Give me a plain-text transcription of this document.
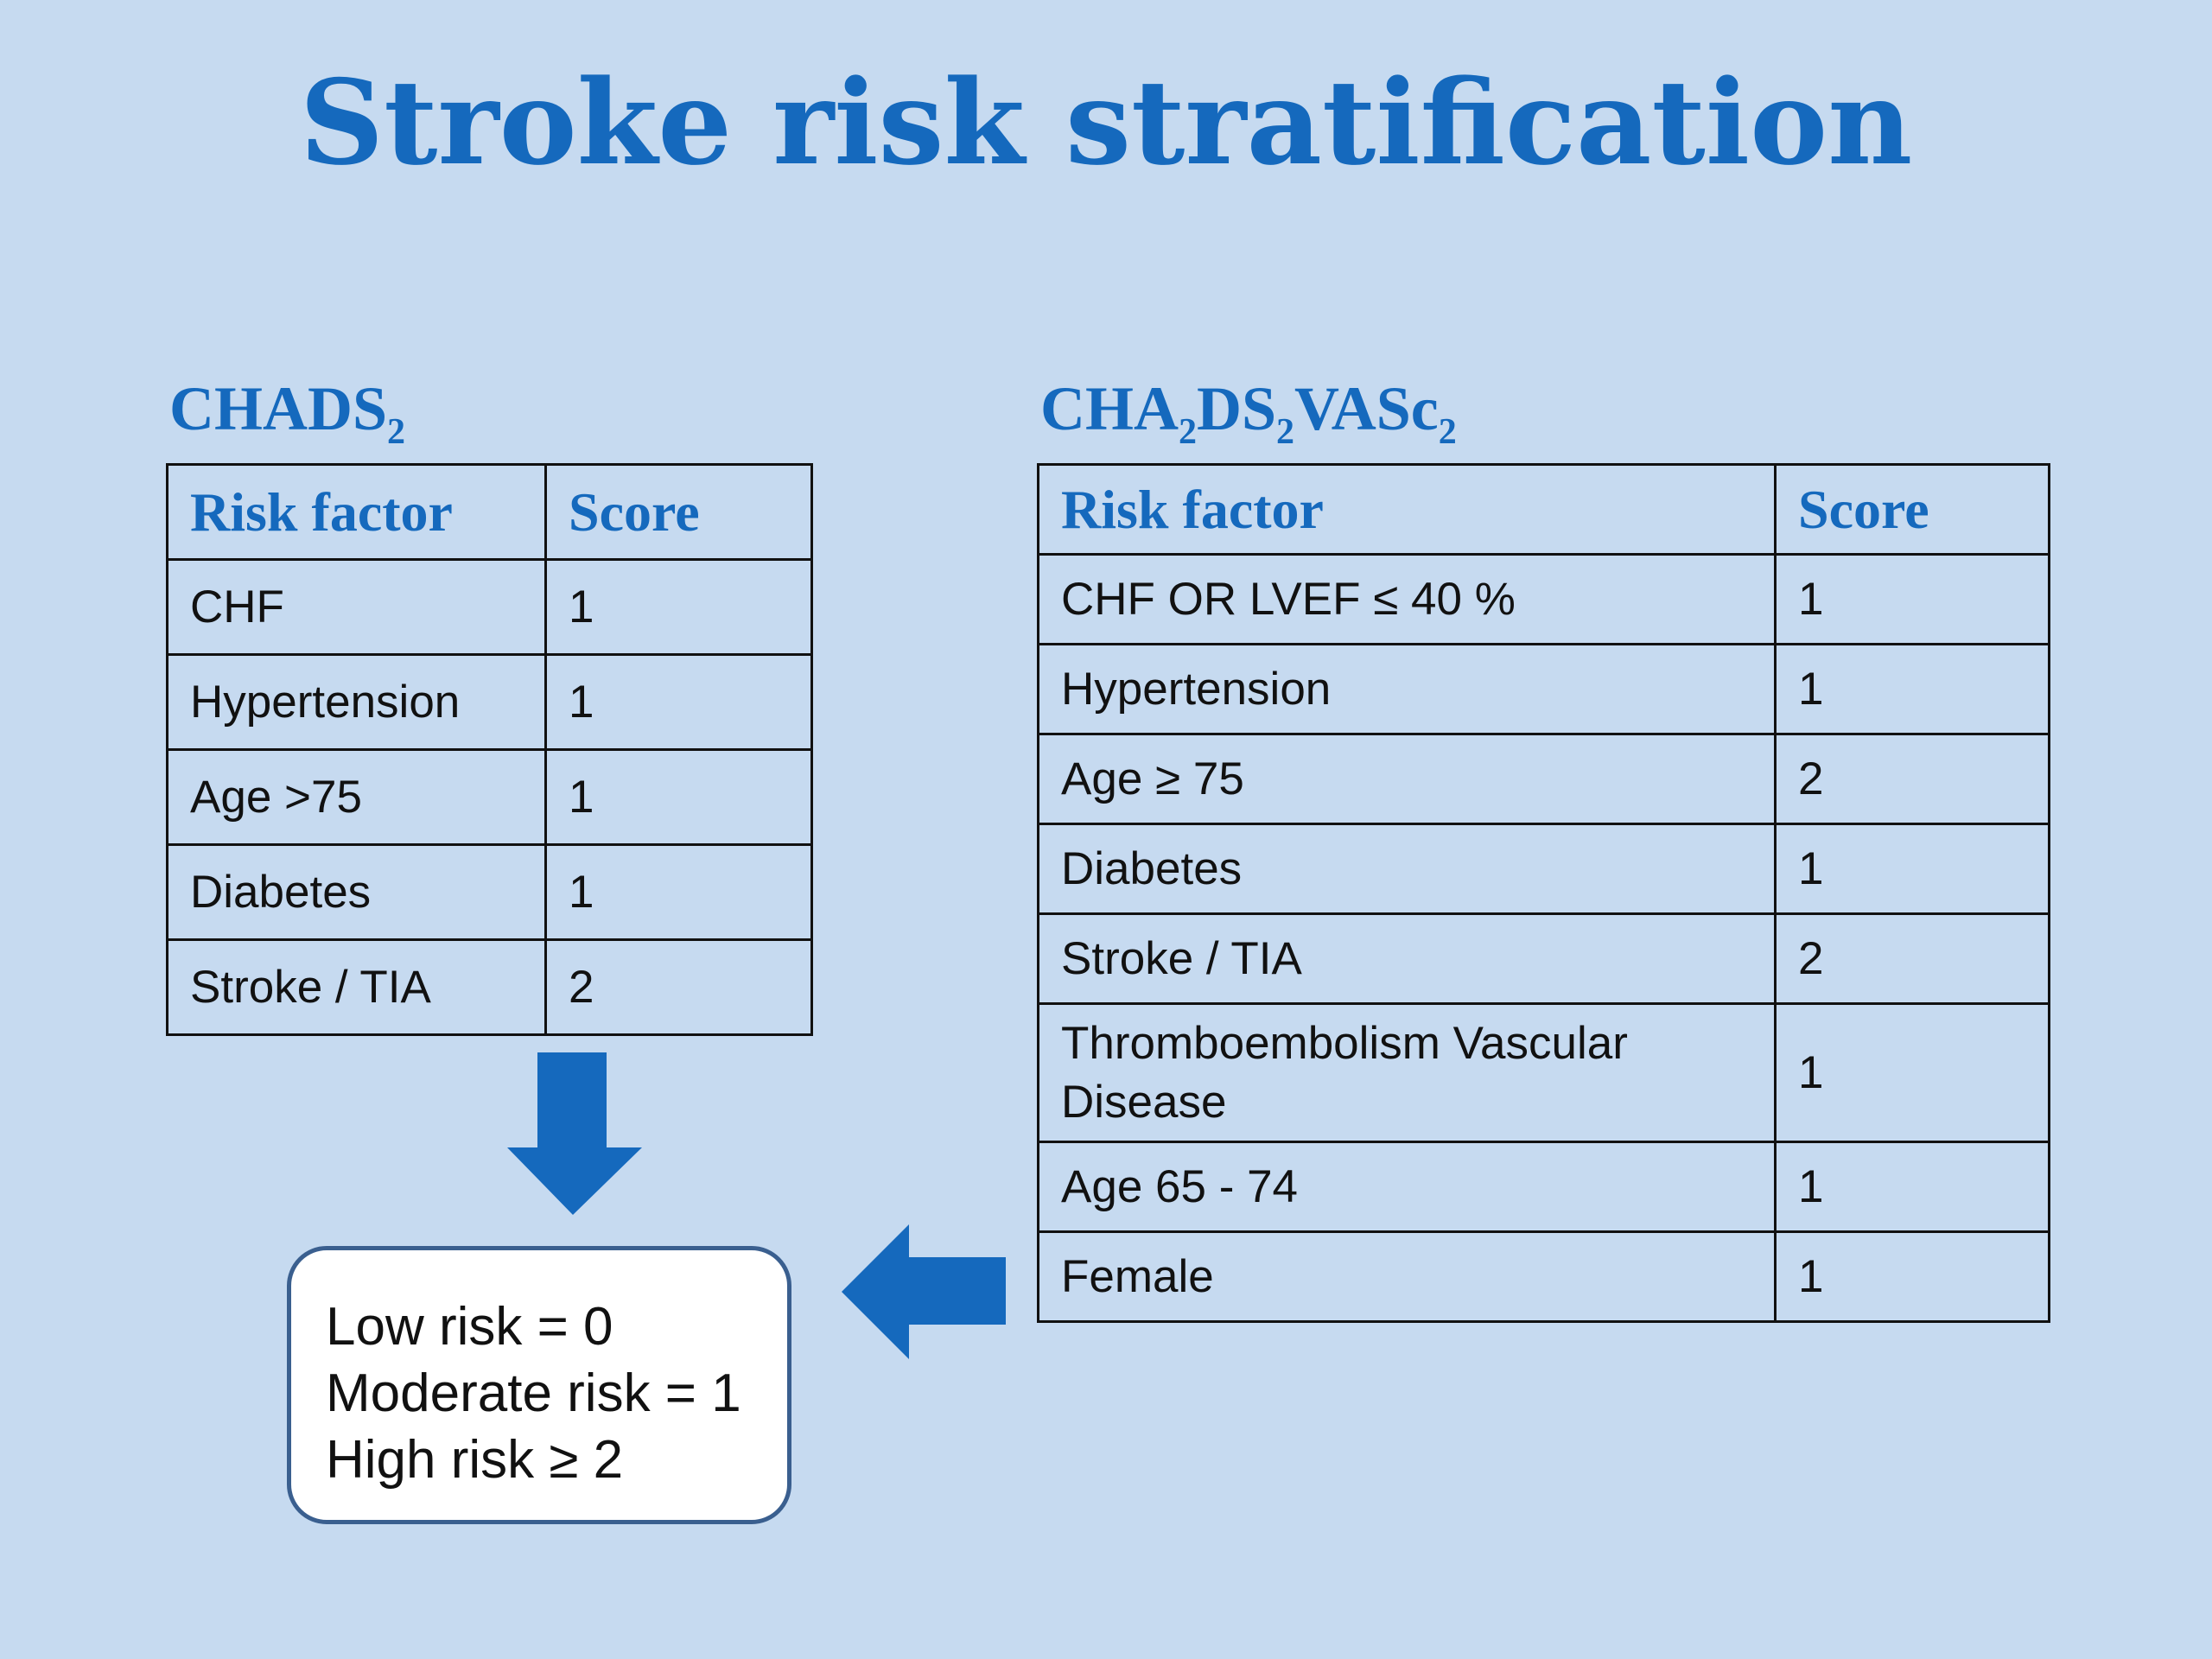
Stroke risk stratification
$CHADS_2$
Risk factor	Score
CHF	1
Hypertension	1
Age >75	1
Diabetes	1
Stroke / TIA	2
$CHA_2DS_2VASc_2$
Risk factor	Score
CHF OR LVEF ≤ 40 %	1
Hypertension	1
Age ≥ 75	2
Diabetes	1
Stroke / TIA	2
Thromboembolism Vascular
Disease	1
Age 65 - 74	1
Female	1
Low risk = 0
Moderate risk = 1
High risk ≥ 2
